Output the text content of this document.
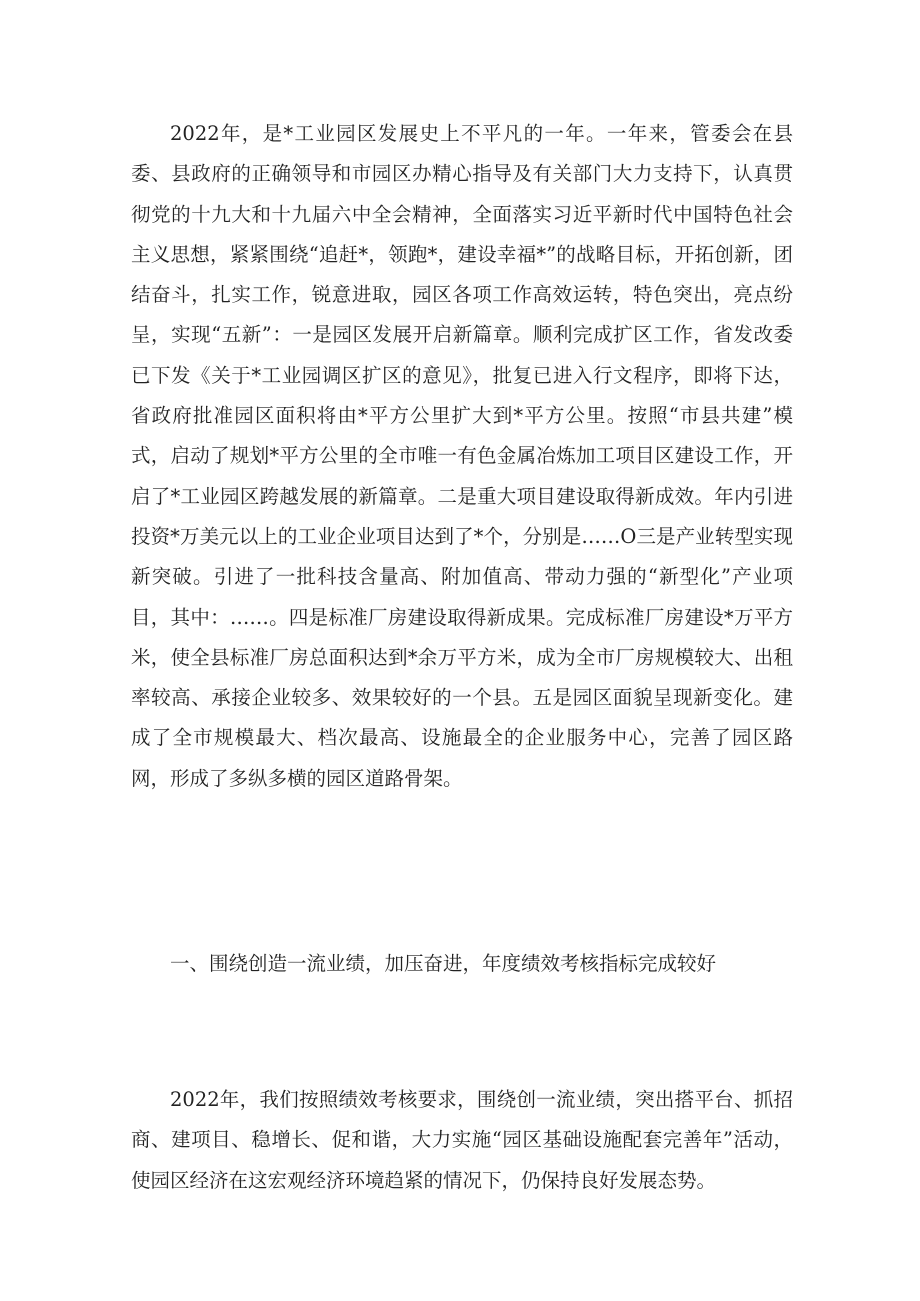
2022年，是*工业园区发展史上不平凡的一年。一年来，管委会在县委、县政府的正确领导和市园区办精心指导及有关部门大力支持下，认真贯彻党的十九大和十九届六中全会精神，全面落实习近平新时代中国特色社会主义思想，紧紧围绕“追赶*，领跑*，建设幸福*”的战略目标，开拓创新，团结奋斗，扎实工作，锐意进取，园区各项工作高效运转，特色突出，亮点纷呈，实现“五新”：一是园区发展开启新篇章。顺利完成扩区工作，省发改委已下发《关于*工业园调区扩区的意见》，批复已进入行文程序，即将下达，省政府批准园区面积将由*平方公里扩大到*平方公里。按照“市县共建”模式，启动了规划*平方公里的全市唯一有色金属冶炼加工项目区建设工作，开启了*工业园区跨越发展的新篇章。二是重大项目建设取得新成效。年内引进投资*万美元以上的工业企业项目达到了*个，分别是……O三是产业转型实现新突破。引进了一批科技含量高、附加值高、带动力强的“新型化”产业项目，其中：……。四是标准厂房建设取得新成果。完成标准厂房建设*万平方米，使全县标准厂房总面积达到*余万平方米，成为全市厂房规模较大、出租率较高、承接企业较多、效果较好的一个县。五是园区面貌呈现新变化。建成了全市规模最大、档次最高、设施最全的企业服务中心，完善了园区路网，形成了多纵多横的园区道路骨架。

一、围绕创造一流业绩，加压奋进，年度绩效考核指标完成较好

2022年，我们按照绩效考核要求，围绕创一流业绩，突出搭平台、抓招商、建项目、稳增长、促和谐，大力实施“园区基础设施配套完善年”活动，使园区经济在这宏观经济环境趋紧的情况下，仍保持良好发展态势。
